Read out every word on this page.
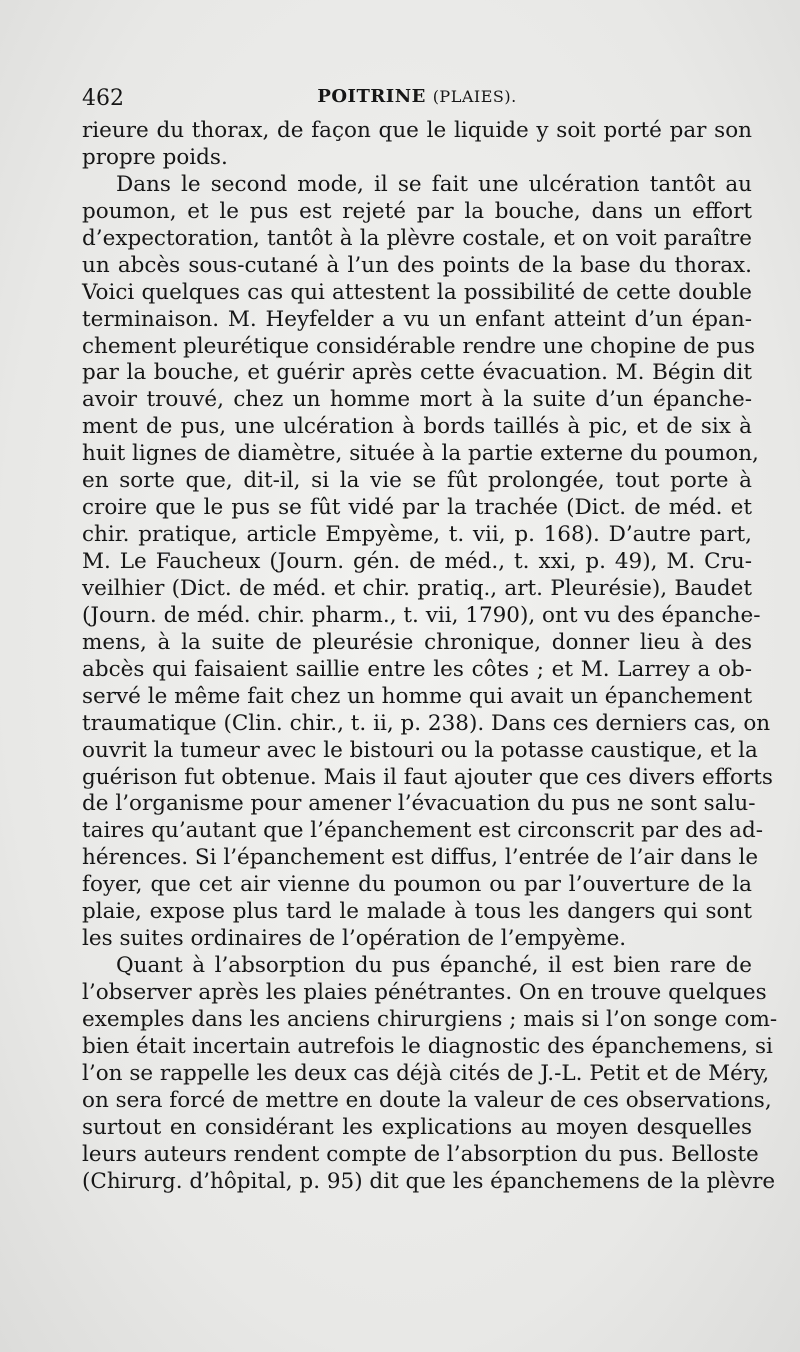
462	POITRINE (PLAIES).
rieure du thorax, de façon que le liquide y soit porté par son
propre poids.
Dans le second mode, il se fait une ulcération tantôt au
poumon, et le pus est rejeté par la bouche, dans un effort
d’expectoration, tantôt à la plèvre costale, et on voit paraître
un abcès sous-cutané à l’un des points de la base du thorax.
Voici quelques cas qui attestent la possibilité de cette double
terminaison. M. Heyfelder a vu un enfant atteint d’un épan-
chement pleurétique considérable rendre une chopine de pus
par la bouche, et guérir après cette évacuation. M. Bégin dit
avoir trouvé, chez un homme mort à la suite d’un épanche-
ment de pus, une ulcération à bords taillés à pic, et de six à
huit lignes de diamètre, située à la partie externe du poumon,
en sorte que, dit-il, si la vie se fût prolongée, tout porte à
croire que le pus se fût vidé par la trachée (Dict. de méd. et
chir. pratique, article Empyème, t. vii, p. 168). D’autre part,
M. Le Faucheux (Journ. gén. de méd., t. xxi, p. 49), M. Cru-
veilhier (Dict. de méd. et chir. pratiq., art. Pleurésie), Baudet
(Journ. de méd. chir. pharm., t. vii, 1790), ont vu des épanche-
mens, à la suite de pleurésie chronique, donner lieu à des
abcès qui faisaient saillie entre les côtes ; et M. Larrey a ob-
servé le même fait chez un homme qui avait un épanchement
traumatique (Clin. chir., t. ii, p. 238). Dans ces derniers cas, on
ouvrit la tumeur avec le bistouri ou la potasse caustique, et la
guérison fut obtenue. Mais il faut ajouter que ces divers efforts
de l’organisme pour amener l’évacuation du pus ne sont salu-
taires qu’autant que l’épanchement est circonscrit par des ad-
hérences. Si l’épanchement est diffus, l’entrée de l’air dans le
foyer, que cet air vienne du poumon ou par l’ouverture de la
plaie, expose plus tard le malade à tous les dangers qui sont
les suites ordinaires de l’opération de l’empyème.
Quant à l’absorption du pus épanché, il est bien rare de
l’observer après les plaies pénétrantes. On en trouve quelques
exemples dans les anciens chirurgiens ; mais si l’on songe com-
bien était incertain autrefois le diagnostic des épanchemens, si
l’on se rappelle les deux cas déjà cités de J.-L. Petit et de Méry,
on sera forcé de mettre en doute la valeur de ces observations,
surtout en considérant les explications au moyen desquelles
leurs auteurs rendent compte de l’absorption du pus. Belloste
(Chirurg. d’hôpital, p. 95) dit que les épanchemens de la plèvre
